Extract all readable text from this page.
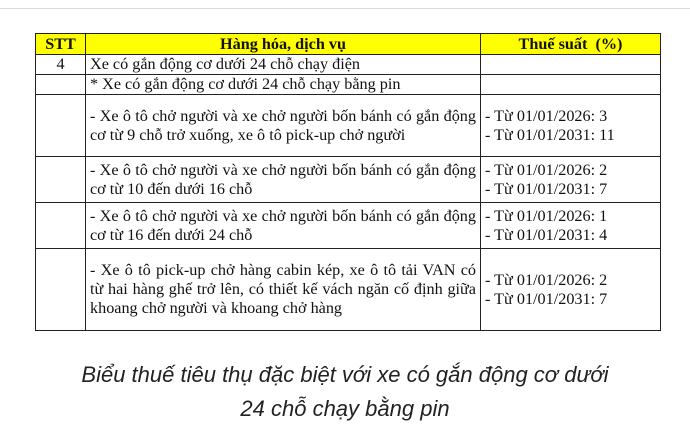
STT	Hàng hóa, dịch vụ	Thuế suất  (%)
4	Xe có gắn động cơ dưới 24 chỗ chạy điện	
	* Xe có gắn động cơ dưới 24 chỗ chạy bằng pin	
	- Xe ô tô chở người và xe chở người bốn bánh có gắn động cơ từ 9 chỗ trở xuống, xe ô tô pick-up chở người	- Từ 01/01/2026: 3
- Từ 01/01/2031: 11

	- Xe ô tô chở người và xe chở người bốn bánh có gắn động cơ từ 10 đến dưới 16 chỗ	- Từ 01/01/2026: 2
- Từ 01/01/2031: 7

	- Xe ô tô chở người và xe chở người bốn bánh có gắn động cơ từ 16 đến dưới 24 chỗ	- Từ 01/01/2026: 1
- Từ 01/01/2031: 4

	- Xe ô tô pick-up chở hàng cabin kép, xe ô tô tải VAN có từ hai hàng ghế trở lên, có thiết kế vách ngăn cố định giữa khoang chở người và khoang chở hàng	- Từ 01/01/2026: 2
- Từ 01/01/2031: 7
Biểu thuế tiêu thụ đặc biệt với xe có gắn động cơ dưới
24 chỗ chạy bằng pin
